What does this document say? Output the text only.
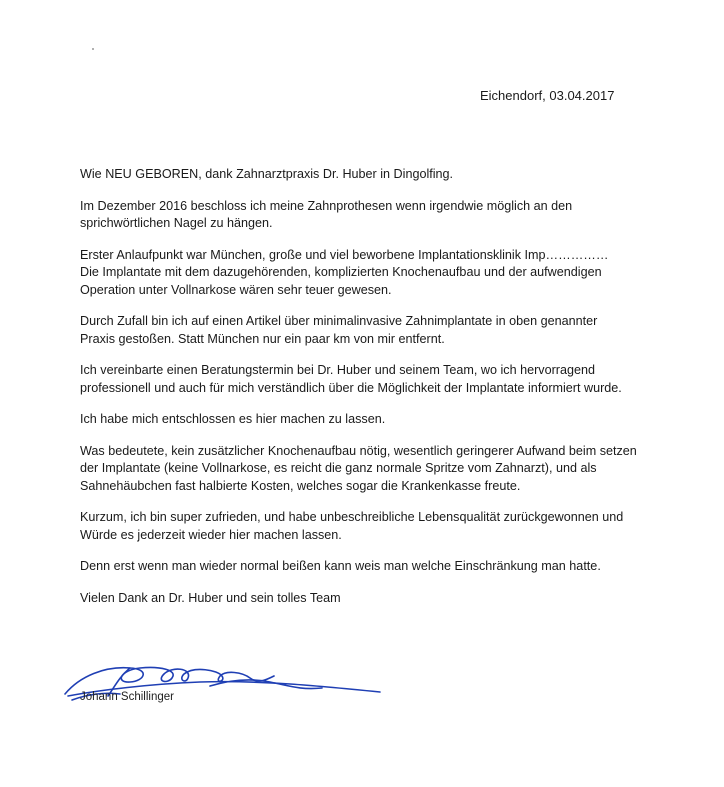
Eichendorf, 03.04.2017

Wie NEU GEBOREN, dank Zahnarztpraxis Dr. Huber in Dingolfing.

Im Dezember 2016 beschloss ich meine Zahnprothesen wenn irgendwie möglich an den
sprichwörtlichen Nagel zu hängen.

Erster Anlaufpunkt war München, große und viel beworbene Implantationsklinik Imp……………
Die Implantate mit dem dazugehörenden, komplizierten Knochenaufbau und der aufwendigen
Operation unter Vollnarkose wären sehr teuer gewesen.

Durch Zufall bin ich auf einen Artikel über minimalinvasive Zahnimplantate in oben genannter
Praxis gestoßen. Statt München nur ein paar km von mir entfernt.

Ich vereinbarte einen Beratungstermin bei Dr. Huber und seinem Team, wo ich hervorragend
professionell und auch für mich verständlich über die Möglichkeit der Implantate informiert wurde.

Ich habe mich entschlossen es hier machen zu lassen.

Was bedeutete, kein zusätzlicher Knochenaufbau nötig, wesentlich geringerer Aufwand beim setzen
der Implantate (keine Vollnarkose, es reicht die ganz normale Spritze vom Zahnarzt), und als
Sahnehäubchen fast halbierte Kosten, welches sogar die Krankenkasse freute.

Kurzum, ich bin super zufrieden, und habe unbeschreibliche Lebensqualität zurückgewonnen und
Würde es jederzeit wieder hier machen lassen.

Denn erst wenn man wieder normal beißen kann weis man welche Einschränkung man hatte.

Vielen Dank an Dr. Huber und sein tolles Team

Johann Schillinger
